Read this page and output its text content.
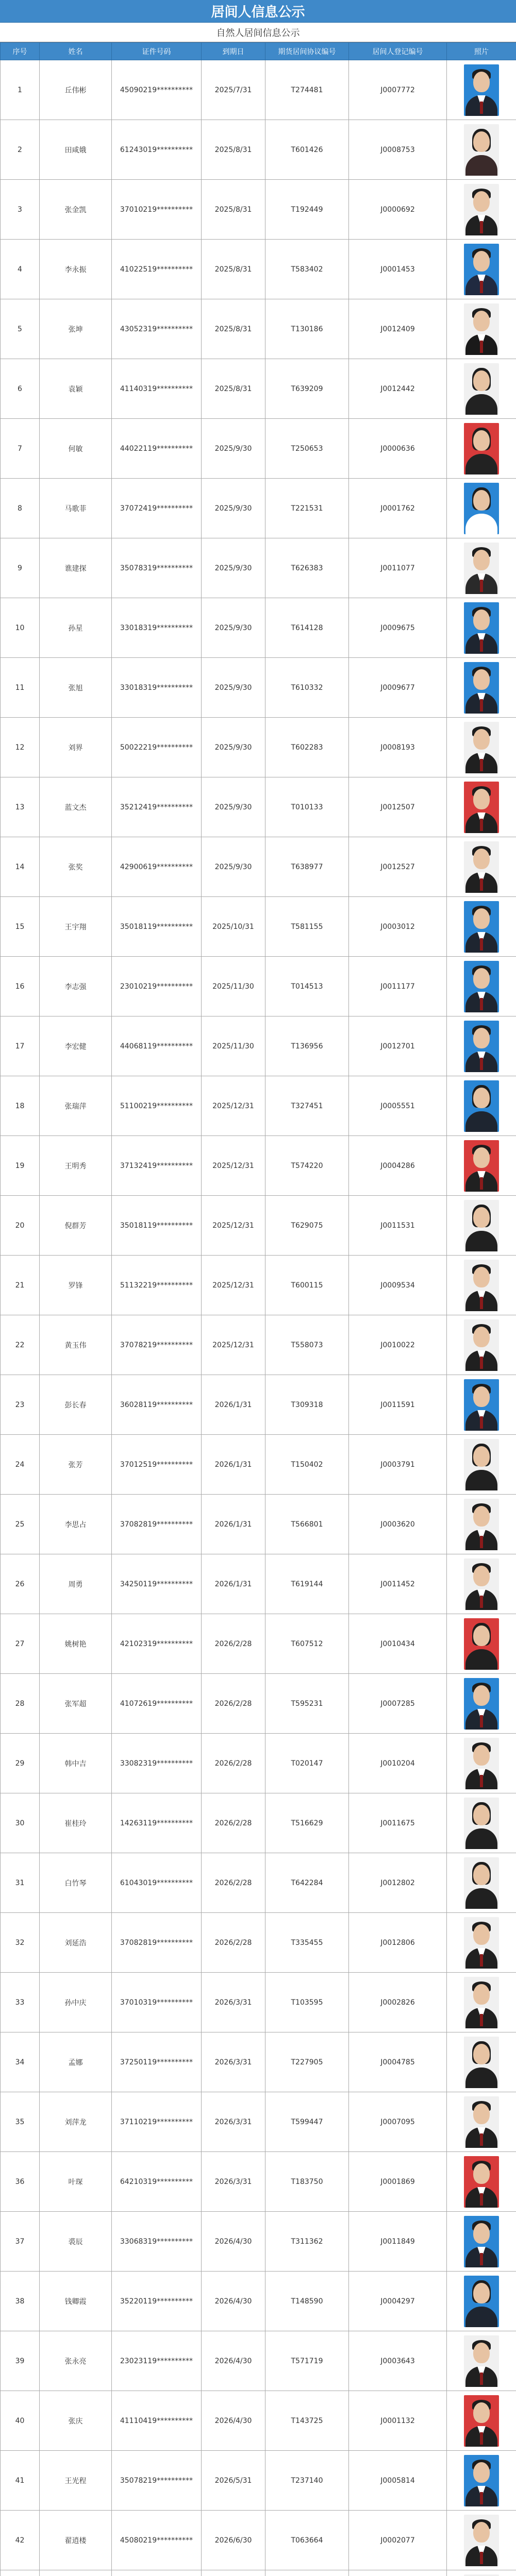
居间人信息公示
自然人居间信息公示
序号	姓名	证件号码	到期日	期货居间协议编号	居间人登记编号	照片
1	丘伟彬	45090219**********	2025/7/31	T274481	J0007772	

2	田咸娥	61243019**********	2025/8/31	T601426	J0008753	

3	张金凯	37010219**********	2025/8/31	T192449	J0000692	

4	李永振	41022519**********	2025/8/31	T583402	J0001453	

5	张坤	43052319**********	2025/8/31	T130186	J0012409	

6	袁颖	41140319**********	2025/8/31	T639209	J0012442	

7	何敏	44022119**********	2025/9/30	T250653	J0000636	

8	马歌菲	37072419**********	2025/9/30	T221531	J0001762	

9	谯建探	35078319**********	2025/9/30	T626383	J0011077	

10	孙星	33018319**********	2025/9/30	T614128	J0009675	

11	张旭	33018319**********	2025/9/30	T610332	J0009677	

12	刘界	50022219**********	2025/9/30	T602283	J0008193	

13	蓝文杰	35212419**********	2025/9/30	T010133	J0012507	

14	张奖	42900619**********	2025/9/30	T638977	J0012527	

15	王宇翔	35018119**********	2025/10/31	T581155	J0003012	

16	李志强	23010219**********	2025/11/30	T014513	J0011177	

17	李宏健	44068119**********	2025/11/30	T136956	J0012701	

18	张瑞萍	51100219**********	2025/12/31	T327451	J0005551	

19	王明秀	37132419**********	2025/12/31	T574220	J0004286	

20	倪群芳	35018119**********	2025/12/31	T629075	J0011531	

21	罗锋	51132219**********	2025/12/31	T600115	J0009534	

22	黄玉伟	37078219**********	2025/12/31	T558073	J0010022	

23	彭长春	36028119**********	2026/1/31	T309318	J0011591	

24	张芳	37012519**********	2026/1/31	T150402	J0003791	

25	李思占	37082819**********	2026/1/31	T566801	J0003620	

26	周勇	34250119**********	2026/1/31	T619144	J0011452	

27	姚树艳	42102319**********	2026/2/28	T607512	J0010434	

28	张军超	41072619**********	2026/2/28	T595231	J0007285	

29	韩中吉	33082319**********	2026/2/28	T020147	J0010204	

30	崔桂玲	14263119**********	2026/2/28	T516629	J0011675	

31	白竹琴	61043019**********	2026/2/28	T642284	J0012802	

32	刘延浩	37082819**********	2026/2/28	T335455	J0012806	

33	孙中庆	37010319**********	2026/3/31	T103595	J0002826	

34	孟娜	37250119**********	2026/3/31	T227905	J0004785	

35	刘萍龙	37110219**********	2026/3/31	T599447	J0007095	

36	叶琛	64210319**********	2026/3/31	T183750	J0001869	

37	裘辰	33068319**********	2026/4/30	T311362	J0011849	

38	钱卿霞	35220119**********	2026/4/30	T148590	J0004297	

39	张永亮	23023119**********	2026/4/30	T571719	J0003643	

40	张庆	41110419**********	2026/4/30	T143725	J0001132	

41	王光程	35078219**********	2026/5/31	T237140	J0005814	

42	翟逍楼	45080219**********	2026/6/30	T063664	J0002077	
